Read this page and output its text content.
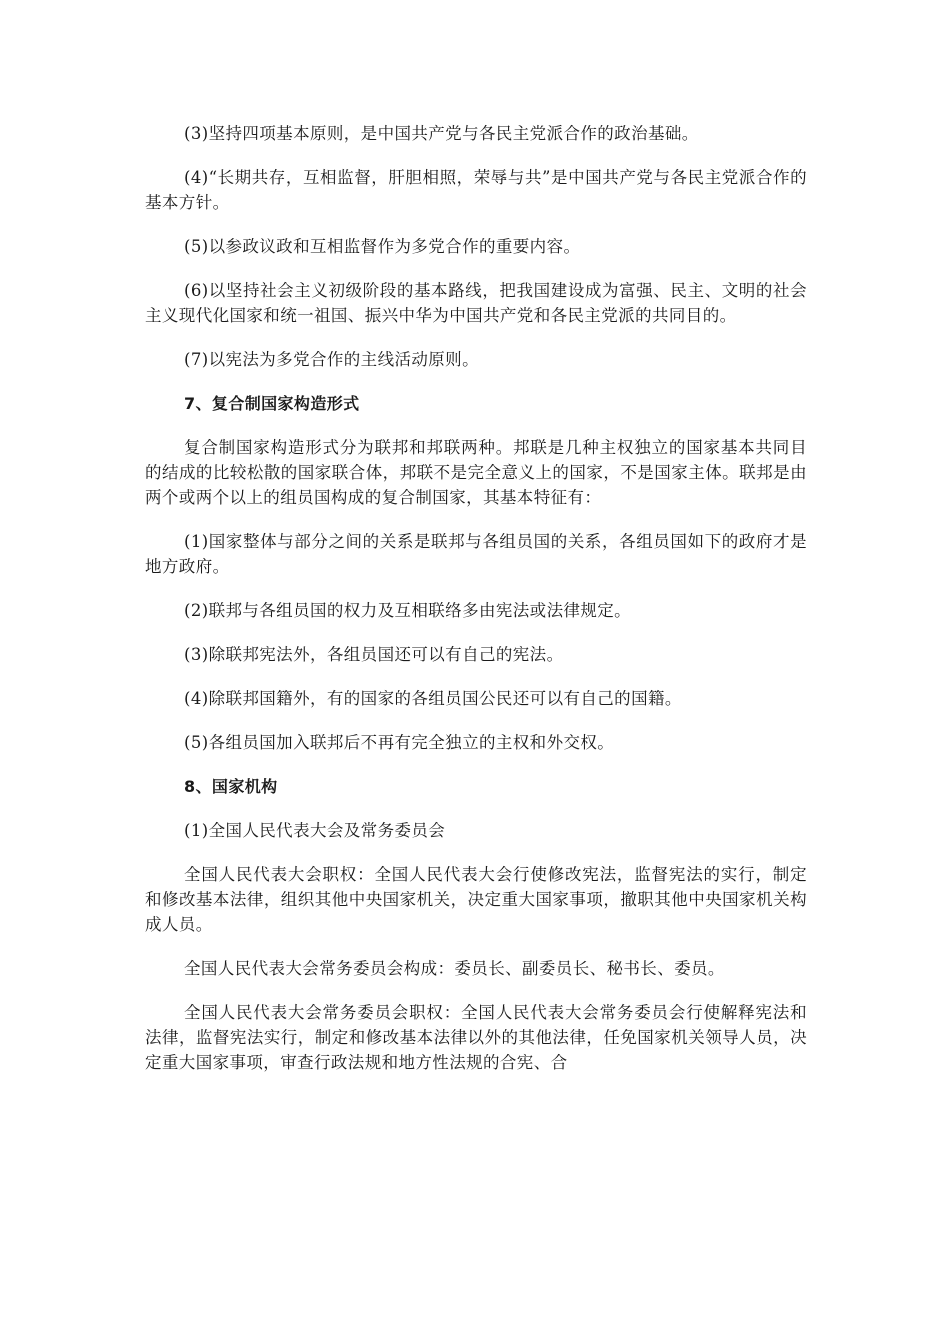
(3)坚持四项基本原则，是中国共产党与各民主党派合作的政治基础。

(4)“长期共存，互相监督，肝胆相照，荣辱与共”是中国共产党与各民主党派合作的基本方针。

(5)以参政议政和互相监督作为多党合作的重要内容。

(6)以坚持社会主义初级阶段的基本路线，把我国建设成为富强、民主、文明的社会主义现代化国家和统一祖国、振兴中华为中国共产党和各民主党派的共同目的。

(7)以宪法为多党合作的主线活动原则。

7、复合制国家构造形式

复合制国家构造形式分为联邦和邦联两种。邦联是几种主权独立的国家基本共同目的结成的比较松散的国家联合体，邦联不是完全意义上的国家，不是国家主体。联邦是由两个或两个以上的组员国构成的复合制国家，其基本特征有：

(1)国家整体与部分之间的关系是联邦与各组员国的关系，各组员国如下的政府才是地方政府。

(2)联邦与各组员国的权力及互相联络多由宪法或法律规定。

(3)除联邦宪法外，各组员国还可以有自己的宪法。

(4)除联邦国籍外，有的国家的各组员国公民还可以有自己的国籍。

(5)各组员国加入联邦后不再有完全独立的主权和外交权。

8、国家机构

(1)全国人民代表大会及常务委员会

全国人民代表大会职权：全国人民代表大会行使修改宪法，监督宪法的实行，制定和修改基本法律，组织其他中央国家机关，决定重大国家事项，撤职其他中央国家机关构成人员。

全国人民代表大会常务委员会构成：委员长、副委员长、秘书长、委员。

全国人民代表大会常务委员会职权：全国人民代表大会常务委员会行使解释宪法和法律，监督宪法实行，制定和修改基本法律以外的其他法律，任免国家机关领导人员，决定重大国家事项，审查行政法规和地方性法规的合宪、合
